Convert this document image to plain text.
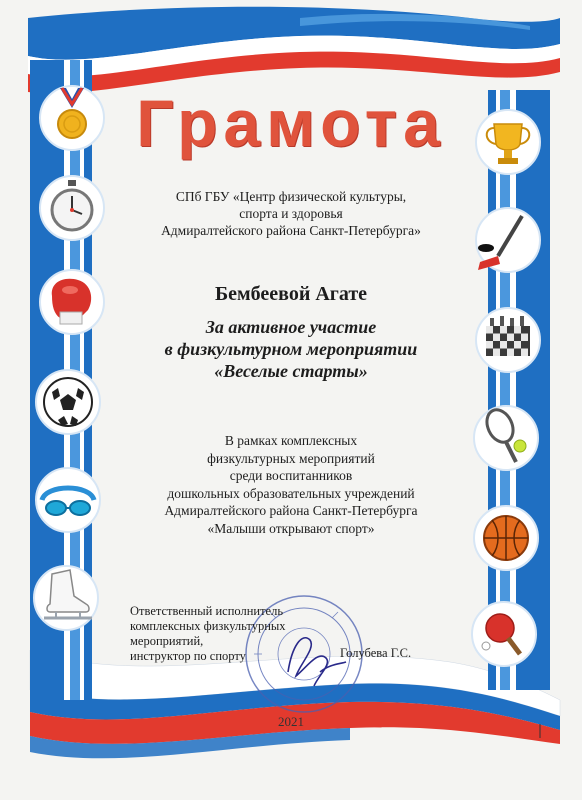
Грамота
СПб ГБУ «Центр физической культуры,
спорта и здоровья
Адмиралтейского района Санкт-Петербурга»
Бембеевой Агате
За активное участие
в физкультурном мероприятии
«Веселые старты»
В рамках комплексных
физкультурных мероприятий
среди воспитанников
дошкольных образовательных учреждений
Адмиралтейского района Санкт-Петербурга
«Малыши открывают спорт»
Ответственный исполнитель
комплексных физкультурных
мероприятий,
инструктор по спорту	Голубева Г.С.
2021
